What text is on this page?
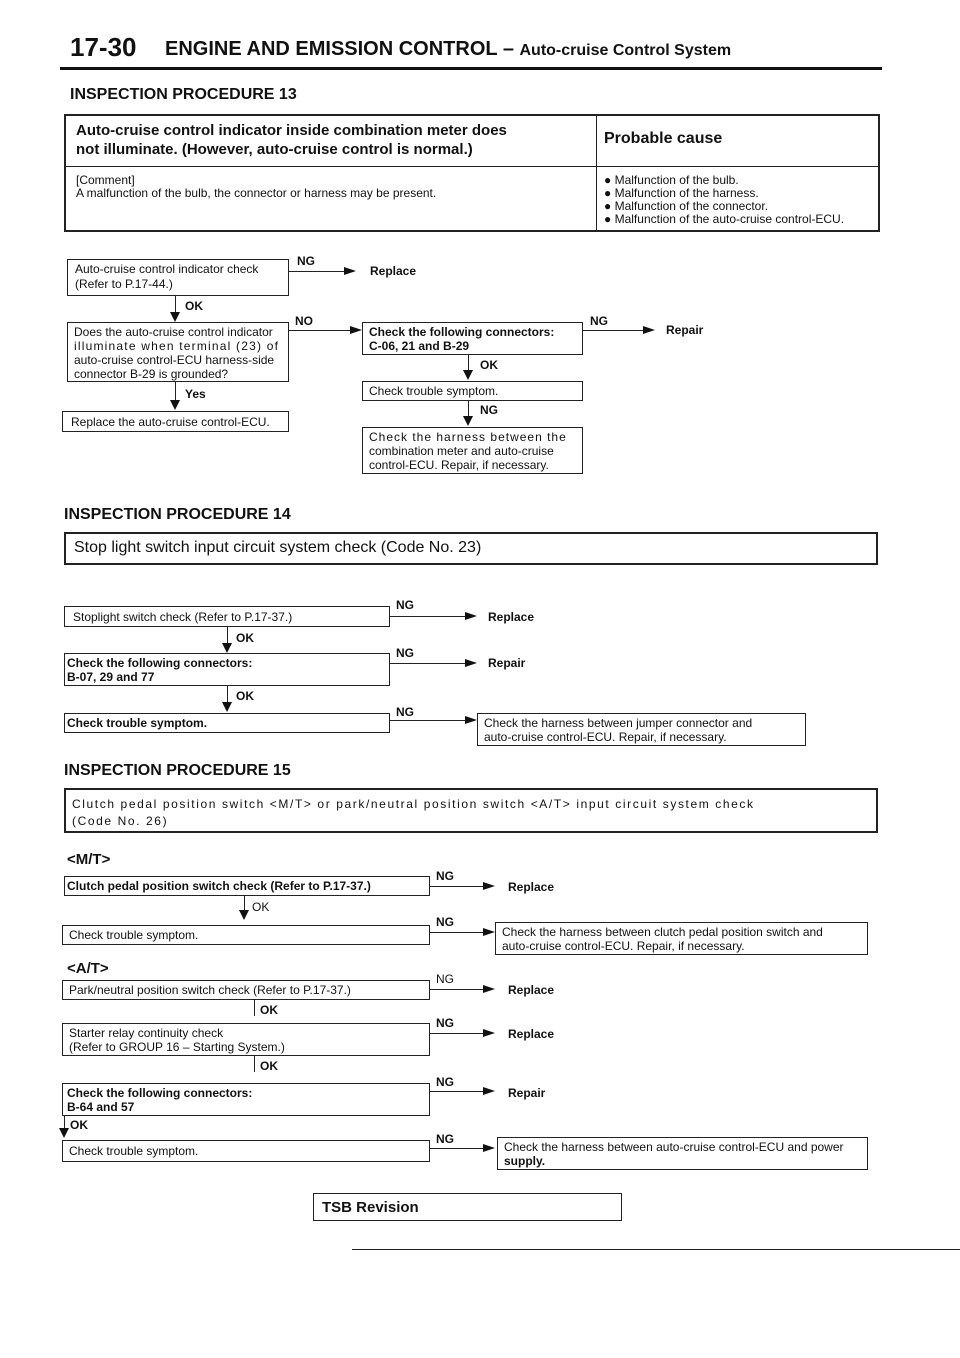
17-30 ENGINE AND EMISSION CONTROL – Auto-cruise Control System
INSPECTION PROCEDURE 13
Auto-cruise control indicator inside combination meter does
not illuminate. (However, auto-cruise control is normal.)
Probable cause
[Comment]
A malfunction of the bulb, the connector or harness may be present.
● Malfunction of the bulb.
● Malfunction of the harness.
● Malfunction of the connector.
● Malfunction of the auto-cruise control-ECU.
Auto-cruise control indicator check
(Refer to P.17-44.)
NG
Replace
OK
Does the auto-cruise control indicator
illuminate when terminal (23) of
auto-cruise control-ECU harness-side
connector B-29 is grounded?
NO
Yes
Replace the auto-cruise control-ECU.
Check the following connectors:
C-06, 21 and B-29
NG
Repair
OK
Check trouble symptom.
NG
Check the harness between the
combination meter and auto-cruise
control-ECU. Repair, if necessary.
INSPECTION PROCEDURE 14
Stop light switch input circuit system check (Code No. 23)
Stoplight switch check (Refer to P.17-37.)
NG
Replace
OK
Check the following connectors:
B-07, 29 and 77
NG
Repair
OK
Check trouble symptom.
NG
Check the harness between jumper connector and
auto-cruise control-ECU. Repair, if necessary.
INSPECTION PROCEDURE 15
Clutch pedal position switch <M/T> or park/neutral position switch <A/T> input circuit system check
(Code No. 26)
<M/T>
Clutch pedal position switch check (Refer to P.17-37.)
NG
Replace
OK
Check trouble symptom.
NG
Check the harness between clutch pedal position switch and
auto-cruise control-ECU. Repair, if necessary.
<A/T>
Park/neutral position switch check (Refer to P.17-37.)
NG
Replace
OK
Starter relay continuity check
(Refer to GROUP 16 – Starting System.)
NG
Replace
OK
Check the following connectors:
B-64 and 57
NG
Repair
OK
Check trouble symptom.
NG
Check the harness between auto-cruise control-ECU and power
supply.
TSB Revision
